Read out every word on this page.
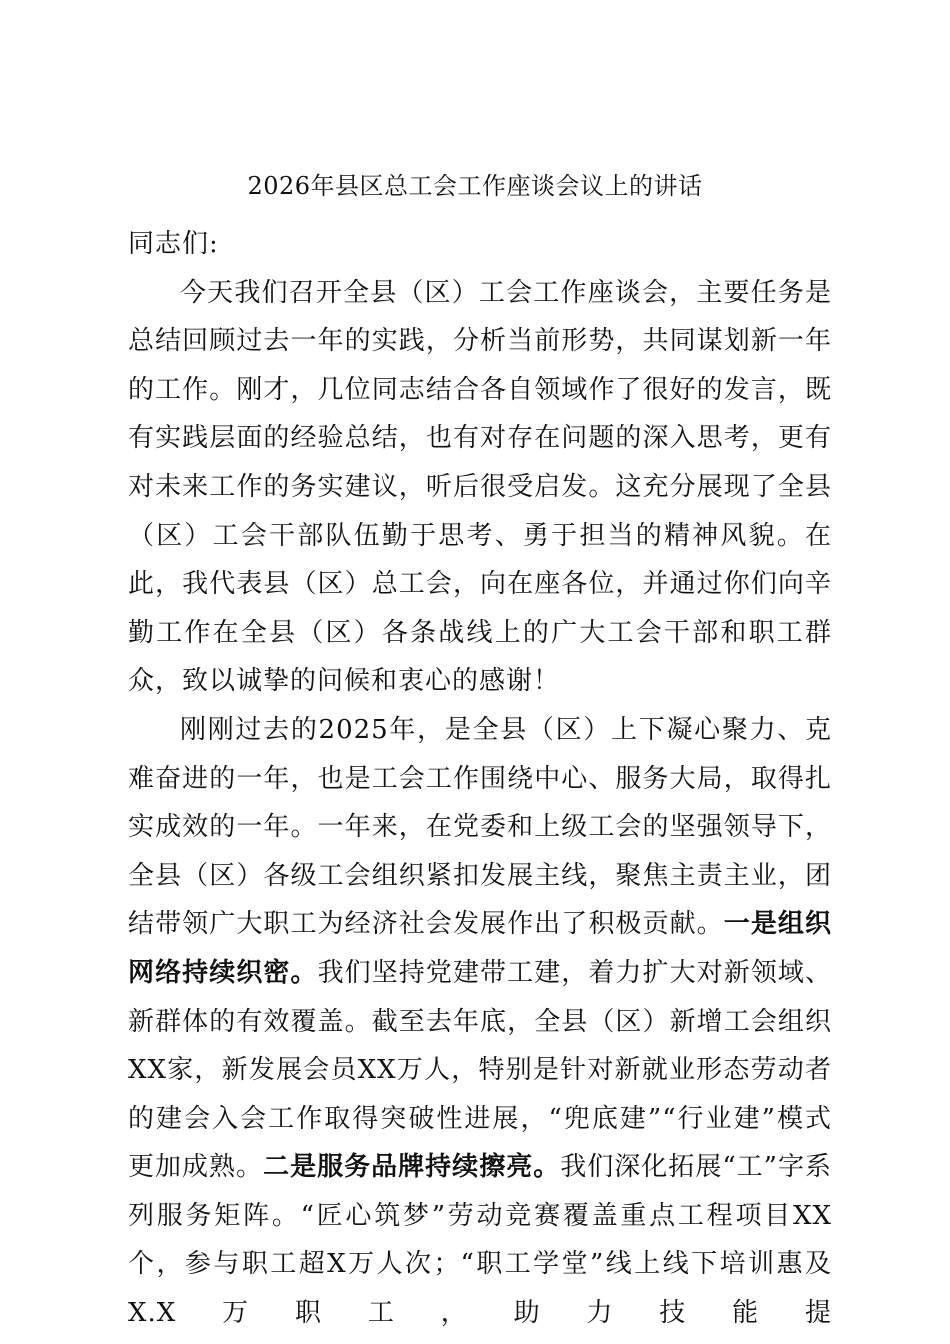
2026年县区总工会工作座谈会议上的讲话

同志们:

今天我们召开全县（区）工会工作座谈会，主要任务是总结回顾过去一年的实践，分析当前形势，共同谋划新一年的工作。刚才，几位同志结合各自领域作了很好的发言，既有实践层面的经验总结，也有对存在问题的深入思考，更有对未来工作的务实建议，听后很受启发。这充分展现了全县（区）工会干部队伍勤于思考、勇于担当的精神风貌。在此，我代表县（区）总工会，向在座各位，并通过你们向辛勤工作在全县（区）各条战线上的广大工会干部和职工群众，致以诚挚的问候和衷心的感谢！

刚刚过去的2025年，是全县（区）上下凝心聚力、克难奋进的一年，也是工会工作围绕中心、服务大局，取得扎实成效的一年。一年来，在党委和上级工会的坚强领导下，全县（区）各级工会组织紧扣发展主线，聚焦主责主业，团结带领广大职工为经济社会发展作出了积极贡献。一是组织网络持续织密。我们坚持党建带工建，着力扩大对新领域、新群体的有效覆盖。截至去年底，全县（区）新增工会组织XX家，新发展会员XX万人，特别是针对新就业形态劳动者的建会入会工作取得突破性进展，“兜底建”“行业建”模式更加成熟。二是服务品牌持续擦亮。我们深化拓展“工”字系列服务矩阵。“匠心筑梦”劳动竞赛覆盖重点工程项目XX个，参与职工超X万人次；“职工学堂”线上线下培训惠及X.X万职工，助力技能提
